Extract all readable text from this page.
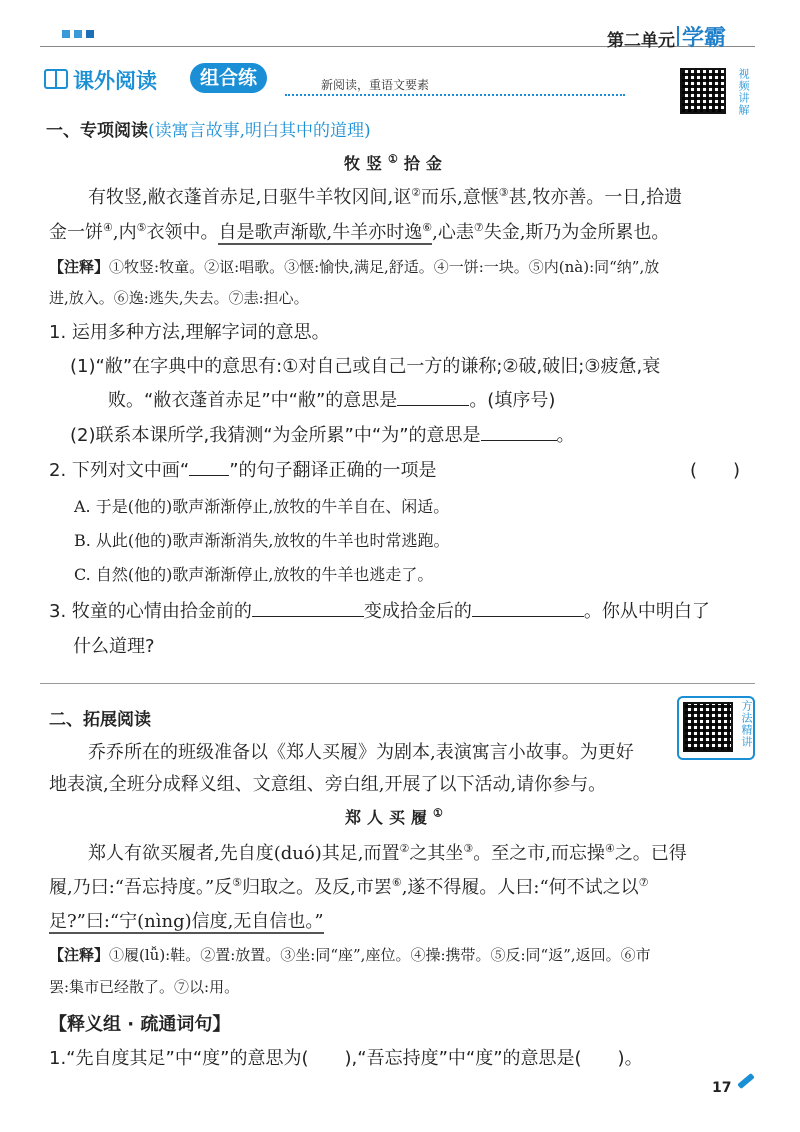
第二单元 学霸
课外阅读	组合练	新阅读，重语文要素	视频讲解
一、专项阅读(读寓言故事,明白其中的道理)
牧竖①拾金
有牧竖,敝衣蓬首赤足,日驱牛羊牧冈间,讴②而乐,意惬③甚,牧亦善。一日,拾遗
金一饼④,内⑤衣领中。自是歌声渐歇,牛羊亦时逸⑥,心恚⑦失金,斯乃为金所累也。
【注释】①牧竖:牧童。②讴:唱歌。③惬:愉快,满足,舒适。④一饼:一块。⑤内(nà):同“纳”,放
进,放入。⑥逸:逃失,失去。⑦恚:担心。
1. 运用多种方法,理解字词的意思。
(1)“敝”在字典中的意思有:①对自己或自己一方的谦称;②破,破旧;③疲惫,衰
败。“敝衣蓬首赤足”中“敝”的意思是	。(填序号)
(2)联系本课所学,我猜测“为金所累”中“为”的意思是	。
2. 下列对文中画“ ”的句子翻译正确的一项是	(　　)
A. 于是(他的)歌声渐渐停止,放牧的牛羊自在、闲适。
B. 从此(他的)歌声渐渐消失,放牧的牛羊也时常逃跑。
C. 自然(他的)歌声渐渐停止,放牧的牛羊也逃走了。
3. 牧童的心情由拾金前的	变成拾金后的	。你从中明白了
什么道理?
二、拓展阅读	方法精讲
乔乔所在的班级准备以《郑人买履》为剧本,表演寓言小故事。为更好
地表演,全班分成释义组、文意组、旁白组,开展了以下活动,请你参与。
郑人买履①
郑人有欲买履者,先自度(duó)其足,而置②之其坐③。至之市,而忘操④之。已得
履,乃曰:“吾忘持度。”反⑤归取之。及反,市罢⑥,遂不得履。人曰:“何不试之以⑦
足?”曰:“宁(nìng)信度,无自信也。”
【注释】①履(lǚ):鞋。②置:放置。③坐:同“座”,座位。④操:携带。⑤反:同“返”,返回。⑥市
罢:集市已经散了。⑦以:用。
【释义组 · 疏通词句】
1.“先自度其足”中“度”的意思为(　　),“吾忘持度”中“度”的意思是(　　)。
17
